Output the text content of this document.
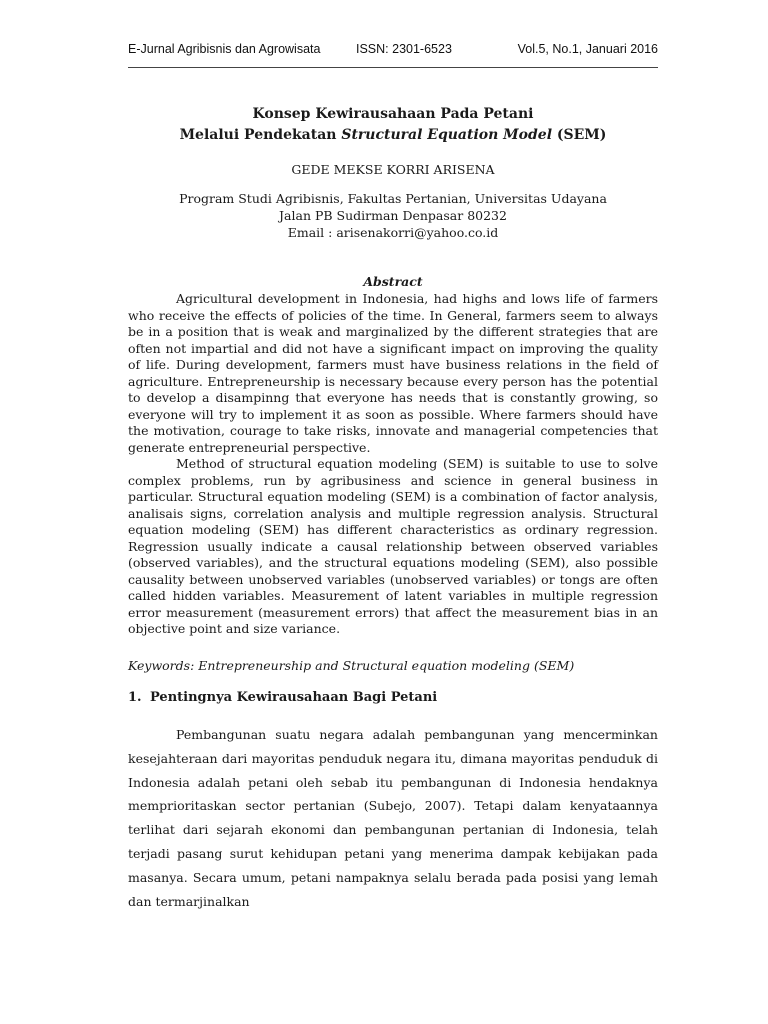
E-Jurnal Agribisnis dan Agrowisata	ISSN: 2301-6523	Vol.5, No.1, Januari 2016
Konsep Kewirausahaan Pada Petani
Melalui Pendekatan Structural Equation Model (SEM)
GEDE MEKSE KORRI ARISENA
Program Studi Agribisnis, Fakultas Pertanian, Universitas Udayana
Jalan PB Sudirman Denpasar 80232
Email : arisenakorri@yahoo.co.id
Abstract

Agricultural development in Indonesia, had highs and lows life of farmers who receive the effects of policies of the time. In General, farmers seem to always be in a position that is weak and marginalized by the different strategies that are often not impartial and did not have a significant impact on improving the quality of life. During development, farmers must have business relations in the field of agriculture. Entrepreneurship is necessary because every person has the potential to develop a disampinng that everyone has needs that is constantly growing, so everyone will try to implement it as soon as possible. Where farmers should have the motivation, courage to take risks, innovate and managerial competencies that generate entrepreneurial perspective.

Method of structural equation modeling (SEM) is suitable to use to solve complex problems, run by agribusiness and science in general business in particular. Structural equation modeling (SEM) is a combination of factor analysis, analisais signs, correlation analysis and multiple regression analysis. Structural equation modeling (SEM) has different characteristics as ordinary regression. Regression usually indicate a causal relationship between observed variables (observed variables), and the structural equations modeling (SEM), also possible causality between unobserved variables (unobserved variables) or tongs are often called hidden variables. Measurement of latent variables in multiple regression error measurement (measurement errors) that affect the measurement bias in an objective point and size variance.

Keywords: Entrepreneurship and Structural equation modeling (SEM)
1. Pentingnya Kewirausahaan Bagi Petani

Pembangunan suatu negara adalah pembangunan yang mencerminkan kesejahteraan dari mayoritas penduduk negara itu, dimana mayoritas penduduk di Indonesia adalah petani oleh sebab itu pembangunan di Indonesia hendaknya memprioritaskan sector pertanian (Subejo, 2007). Tetapi dalam kenyataannya terlihat dari sejarah ekonomi dan pembangunan pertanian di Indonesia, telah terjadi pasang surut kehidupan petani yang menerima dampak kebijakan pada masanya. Secara umum, petani nampaknya selalu berada pada posisi yang lemah dan termarjinalkan
